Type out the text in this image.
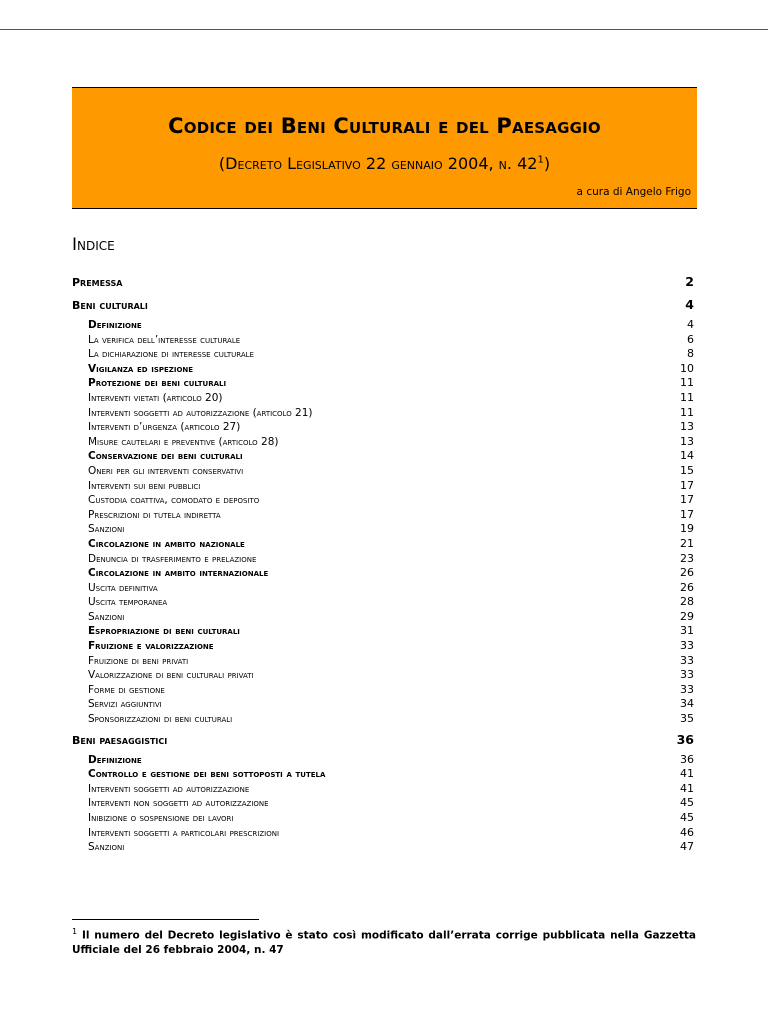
Codice dei Beni Culturali e del Paesaggio
(Decreto Legislativo 22 gennaio 2004, n. $42^1$)
a cura di Angelo Frigo
Indice
Premessa	2
Beni culturali	4
Definizione	4
La verifica dell’interesse culturale	6
La dichiarazione di interesse culturale	8
Vigilanza ed ispezione	10
Protezione dei beni culturali	11
Interventi vietati (articolo 20)	11
Interventi soggetti ad autorizzazione (articolo 21)	11
Interventi d’urgenza (articolo 27)	13
Misure cautelari e preventive (articolo 28)	13
Conservazione dei beni culturali	14
Oneri per gli interventi conservativi	15
Interventi sui beni pubblici	17
Custodia coattiva, comodato e deposito	17
Prescrizioni di tutela indiretta	17
Sanzioni	19
Circolazione in ambito nazionale	21
Denuncia di trasferimento e prelazione	23
Circolazione in ambito internazionale	26
Uscita definitiva	26
Uscita temporanea	28
Sanzioni	29
Espropriazione di beni culturali	31
Fruizione e valorizzazione	33
Fruizione di beni privati	33
Valorizzazione di beni culturali privati	33
Forme di gestione	33
Servizi aggiuntivi	34
Sponsorizzazioni di beni culturali	35
Beni paesaggistici	36
Definizione	36
Controllo e gestione dei beni sottoposti a tutela	41
Interventi soggetti ad autorizzazione	41
Interventi non soggetti ad autorizzazione	45
Inibizione o sospensione dei lavori	45
Interventi soggetti a particolari prescrizioni	46
Sanzioni	47
$^1$ Il numero del Decreto legislativo è stato così modificato dall’errata corrige pubblicata nella Gazzetta Ufficiale del 26 febbraio 2004, n. 47
